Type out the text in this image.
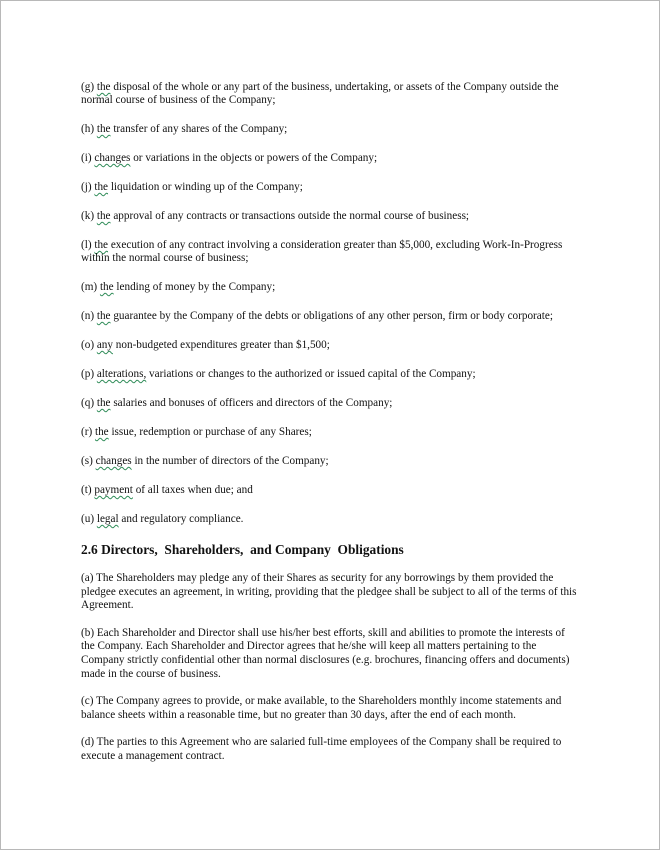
(g) the disposal of the whole or any part of the business, undertaking, or assets of the Company outside the normal course of business of the Company;
(h) the transfer of any shares of the Company;
(i) changes or variations in the objects or powers of the Company;
(j) the liquidation or winding up of the Company;
(k) the approval of any contracts or transactions outside the normal course of business;
(l) the execution of any contract involving a consideration greater than $5,000, excluding Work-In-Progress within the normal course of business;
(m) the lending of money by the Company;
(n) the guarantee by the Company of the debts or obligations of any other person, firm or body corporate;
(o) any non-budgeted expenditures greater than $1,500;
(p) alterations, variations or changes to the authorized or issued capital of the Company;
(q) the salaries and bonuses of officers and directors of the Company;
(r) the issue, redemption or purchase of any Shares;
(s) changes in the number of directors of the Company;
(t) payment of all taxes when due; and
(u) legal and regulatory compliance.
2.6 Directors,  Shareholders,  and Company  Obligations
(a) The Shareholders may pledge any of their Shares as security for any borrowings by them provided the pledgee executes an agreement, in writing, providing that the pledgee shall be subject to all of the terms of this Agreement.
(b) Each Shareholder and Director shall use his/her best efforts, skill and abilities to promote the interests of the Company. Each Shareholder and Director agrees that he/she will keep all matters pertaining to the Company strictly confidential other than normal disclosures (e.g. brochures, financing offers and documents) made in the course of business.
(c) The Company agrees to provide, or make available, to the Shareholders monthly income statements and balance sheets within a reasonable time, but no greater than 30 days, after the end of each month.
(d) The parties to this Agreement who are salaried full-time employees of the Company shall be required to execute a management contract.
